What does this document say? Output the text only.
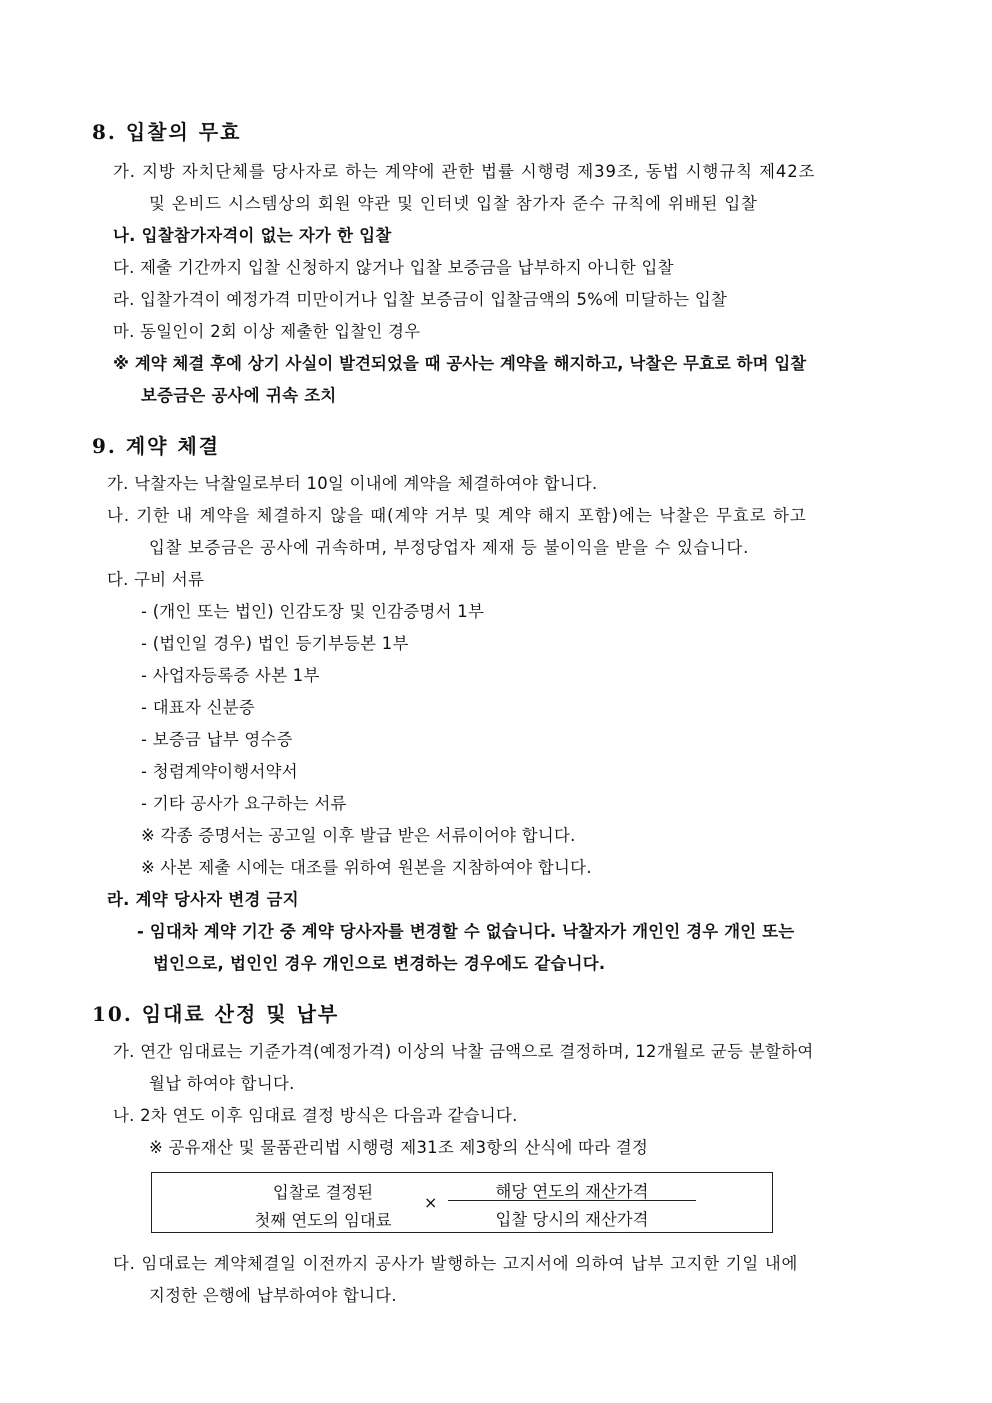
8. 입찰의 무효
가. 지방 자치단체를 당사자로 하는 계약에 관한 법률 시행령 제39조, 동법 시행규칙 제42조
및 온비드 시스템상의 회원 약관 및 인터넷 입찰 참가자 준수 규칙에 위배된 입찰
나. 입찰참가자격이 없는 자가 한 입찰
다. 제출 기간까지 입찰 신청하지 않거나 입찰 보증금을 납부하지 아니한 입찰
라. 입찰가격이 예정가격 미만이거나 입찰 보증금이 입찰금액의 5%에 미달하는 입찰
마. 동일인이 2회 이상 제출한 입찰인 경우
※ 계약 체결 후에 상기 사실이 발견되었을 때 공사는 계약을 해지하고, 낙찰은 무효로 하며 입찰
보증금은 공사에 귀속 조치
9. 계약 체결
가. 낙찰자는 낙찰일로부터 10일 이내에 계약을 체결하여야 합니다.
나. 기한 내 계약을 체결하지 않을 때(계약 거부 및 계약 해지 포함)에는 낙찰은 무효로 하고
입찰 보증금은 공사에 귀속하며, 부정당업자 제재 등 불이익을 받을 수 있습니다.
다. 구비 서류
- (개인 또는 법인) 인감도장 및 인감증명서 1부
- (법인일 경우) 법인 등기부등본 1부
- 사업자등록증 사본 1부
- 대표자 신분증
- 보증금 납부 영수증
- 청렴계약이행서약서
- 기타 공사가 요구하는 서류
※ 각종 증명서는 공고일 이후 발급 받은 서류이어야 합니다.
※ 사본 제출 시에는 대조를 위하여 원본을 지참하여야 합니다.
라. 계약 당사자 변경 금지
- 임대차 계약 기간 중 계약 당사자를 변경할 수 없습니다. 낙찰자가 개인인 경우 개인 또는
법인으로, 법인인 경우 개인으로 변경하는 경우에도 같습니다.
10. 임대료 산정 및 납부
가. 연간 임대료는 기준가격(예정가격) 이상의 낙찰 금액으로 결정하며, 12개월로 균등 분할하여
월납 하여야 합니다.
나. 2차 연도 이후 임대료 결정 방식은 다음과 같습니다.
※ 공유재산 및 물품관리법 시행령 제31조 제3항의 산식에 따라 결정
입찰로 결정된
첫째 연도의 임대료
×
해당 연도의 재산가격
입찰 당시의 재산가격
다. 임대료는 계약체결일 이전까지 공사가 발행하는 고지서에 의하여 납부 고지한 기일 내에
지정한 은행에 납부하여야 합니다.
